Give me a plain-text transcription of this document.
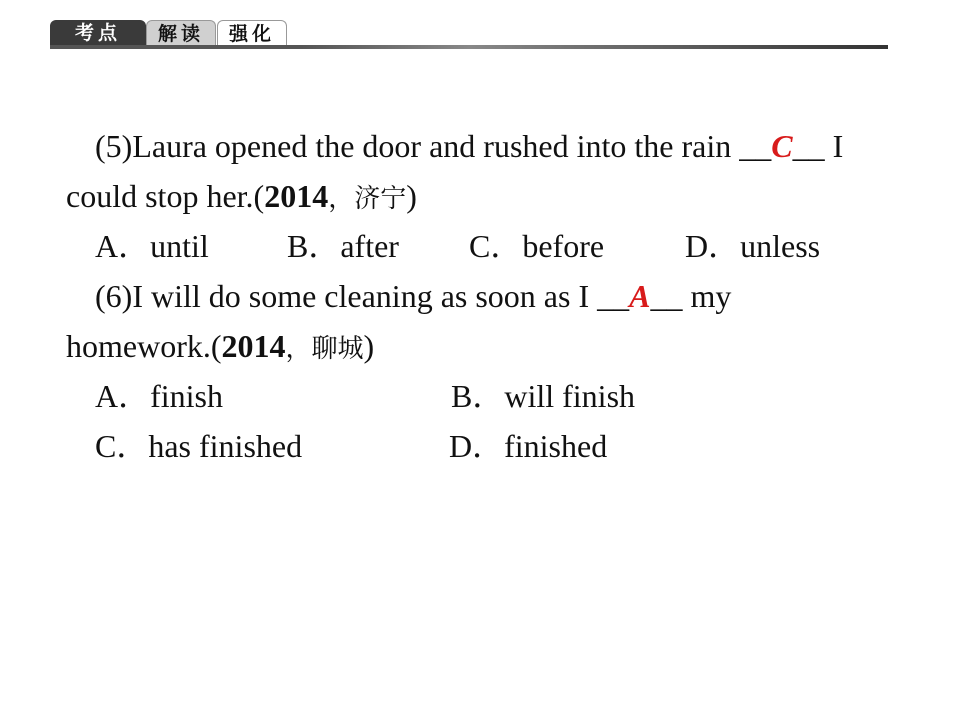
考点	解读	强化
(5)Laura opened the door and rushed into the rain __C__ I
could stop her.(2014，济宁)
A．until B．after C．before	D．unless
(6)I will do some cleaning as soon as I __A__ my
homework.(2014，聊城)
A．finish	B．will finish
C．has finished	D．finished
